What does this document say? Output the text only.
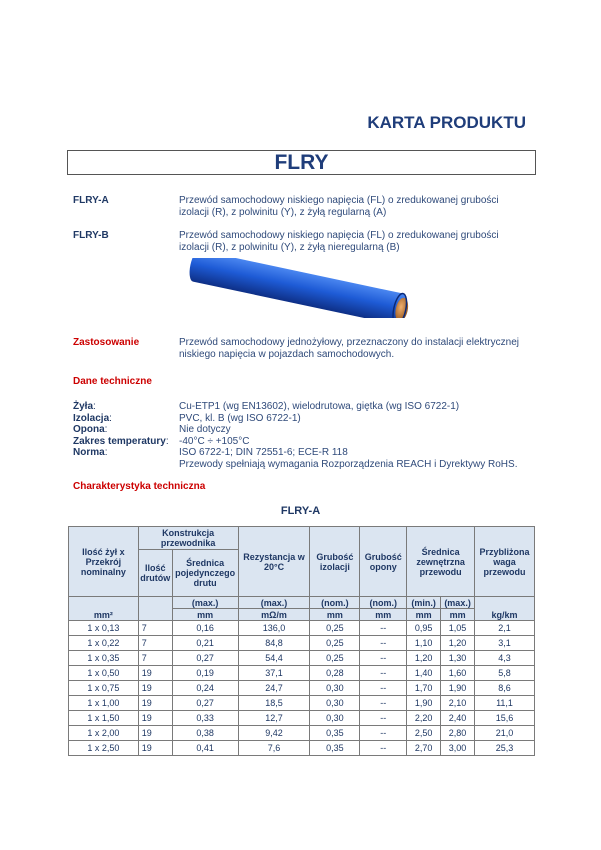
KARTA PRODUKTU
FLRY
FLRY-A	Przewód samochodowy niskiego napięcia (FL) o zredukowanej grubości
izolacji (R), z polwinitu (Y), z żyłą regularną (A)
FLRY-B	Przewód samochodowy niskiego napięcia (FL) o zredukowanej grubości
izolacji (R), z polwinitu (Y), z żyłą nieregularną (B)
Zastosowanie	Przewód samochodowy jednożyłowy, przeznaczony do instalacji elektrycznej
niskiego napięcia w pojazdach samochodowych.
Dane techniczne
Żyła:	Cu-ETP1 (wg EN13602), wielodrutowa, giętka (wg ISO 6722-1)
Izolacja:	PVC, kl. B (wg ISO 6722-1)
Opona:	Nie dotyczy
Zakres temperatury: -40°C ÷ +105°C
Norma:	ISO 6722-1; DIN 72551-6; ECE-R 118
Przewody spełniają wymagania Rozporządzenia REACH i Dyrektywy RoHS.
Charakterystyka techniczna
FLRY-A
Ilość żył x Przekrój nominalny	Konstrukcja przewodnika		Rezystancja w 20°C	Grubość izolacji	Grubość opony	Średnica zewnętrzna przewodu		Przybliżona waga przewodu
	Ilość drutów	Średnica pojedynczego drutu						
mm²		(max.)	(max.)	(nom.)	(nom.)	(min.)	(max.)	kg/km
		mm	mΩ/m	mm	mm	mm	mm	
1 x 0,13	7	0,16	136,0	0,25	--	0,95	1,05	2,1
1 x 0,22	7	0,21	84,8	0,25	--	1,10	1,20	3,1
1 x 0,35	7	0,27	54,4	0,25	--	1,20	1,30	4,3
1 x 0,50	19	0,19	37,1	0,28	--	1,40	1,60	5,8
1 x 0,75	19	0,24	24,7	0,30	--	1,70	1,90	8,6
1 x 1,00	19	0,27	18,5	0,30	--	1,90	2,10	11,1
1 x 1,50	19	0,33	12,7	0,30	--	2,20	2,40	15,6
1 x 2,00	19	0,38	9,42	0,35	--	2,50	2,80	21,0
1 x 2,50	19	0,41	7,6	0,35	--	2,70	3,00	25,3
